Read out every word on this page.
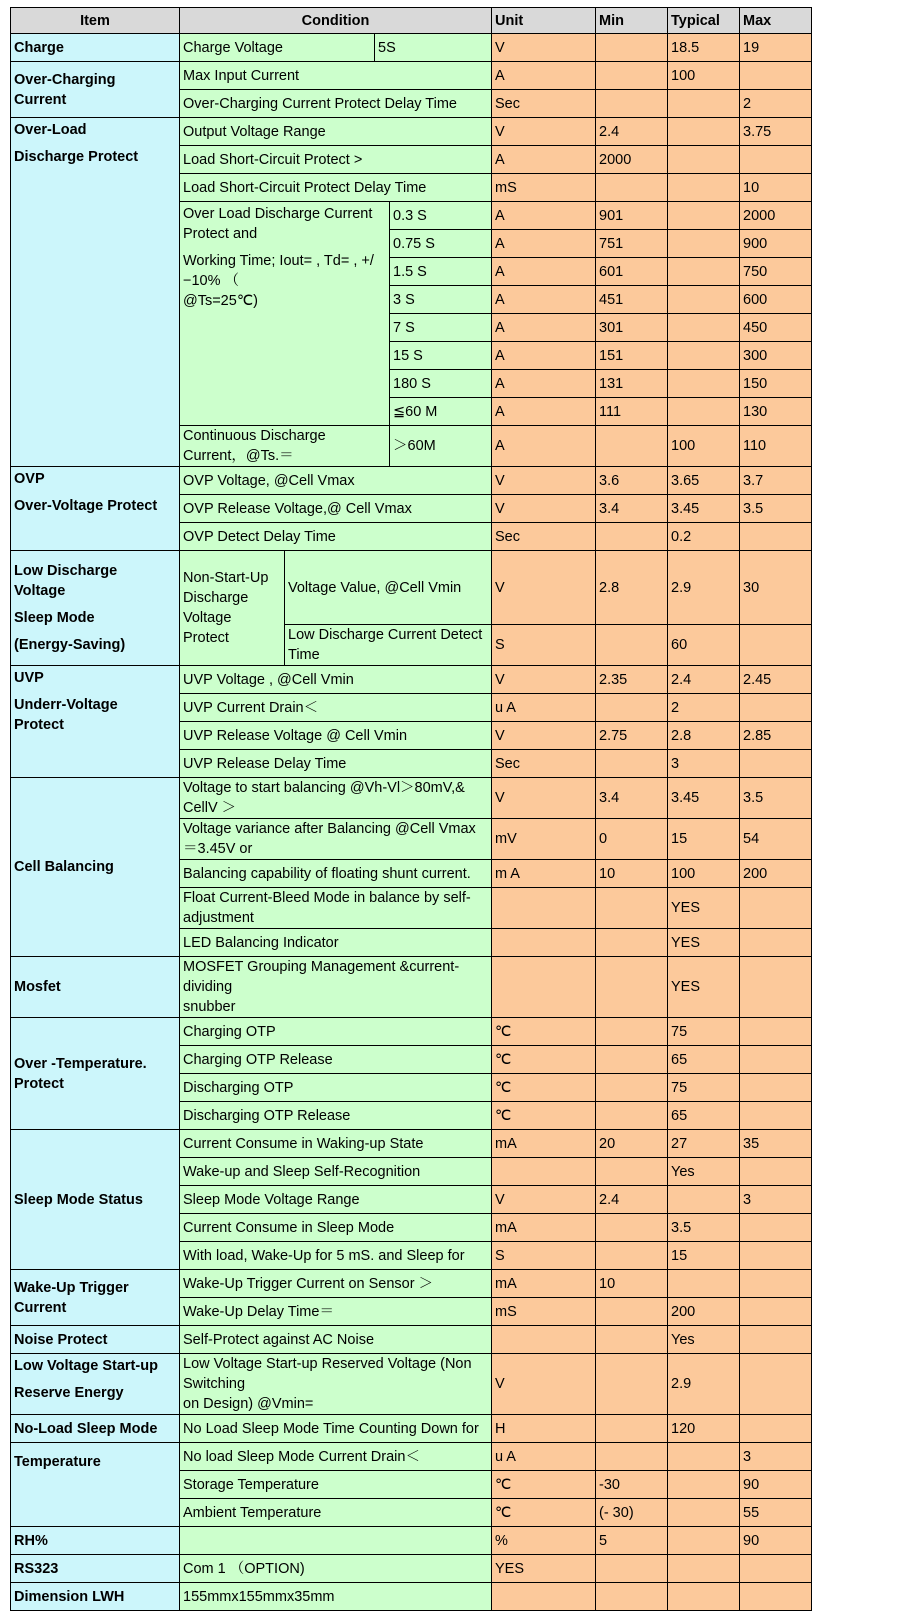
Item	Condition				Unit	Min	Typical	Max
Charge	Charge Voltage		5S		V		18.5	19
Over-Charging
Current	Max Input Current				A		100	
	Over-Charging Current Protect Delay Time				Sec			2
Over-Load
Discharge Protect	Output Voltage Range				V	2.4		3.75
	Load Short-Circuit Protect >				A	2000		
	Load Short-Circuit Protect Delay Time				mS			10
	Over Load Discharge Current Protect and
Working Time; Iout= , Td= , +/−10% （
@Ts=25℃)			0.3 S	A	901		2000
				0.75 S	A	751		900
				1.5 S	A	601		750
				3 S	A	451		600
				7 S	A	301		450
				15 S	A	151		300
				180 S	A	131		150
				≦60 M	A	111		130
	Continuous Discharge Current，@Ts.＝			＞60M	A		100	110
OVP
Over-Voltage Protect	OVP Voltage, @Cell Vmax				V	3.6	3.65	3.7
	OVP Release Voltage,@ Cell Vmax				V	3.4	3.45	3.5
	OVP Detect Delay Time				Sec		0.2	
Low Discharge
Voltage
Sleep Mode
(Energy-Saving)	Non-Start-Up
Discharge
Voltage
Protect	Voltage Value, @Cell Vmin			V	2.8	2.9	30
		Low Discharge Current Detect Time			S		60	
UVP
Underr-Voltage
Protect	UVP Voltage , @Cell Vmin				V	2.35	2.4	2.45
	UVP Current Drain＜				u A		2	
	UVP Release Voltage @ Cell Vmin				V	2.75	2.8	2.85
	UVP Release Delay Time				Sec		3	
Cell Balancing	Voltage to start balancing @Vh-Vl＞80mV,& CellV ＞				V	3.4	3.45	3.5
	Voltage variance after Balancing @Cell Vmax＝3.45V or				mV	0	15	54
	Balancing capability of floating shunt current.				m A	10	100	200
	Float Current-Bleed Mode in balance by self-adjustment						YES	
	LED Balancing Indicator						YES	
Mosfet	MOSFET Grouping Management &current-dividing
snubber						YES	
Over -Temperature.
Protect	Charging OTP				℃		75	
	Charging OTP Release				℃		65	
	Discharging OTP				℃		75	
	Discharging OTP Release				℃		65	
Sleep Mode Status	Current Consume in Waking-up State				mA	20	27	35
	Wake-up and Sleep Self-Recognition						Yes	
	Sleep Mode Voltage Range				V	2.4		3
	Current Consume in Sleep Mode				mA		3.5	
	With load, Wake-Up for 5 mS. and Sleep for				S		15	
Wake-Up Trigger
Current	Wake-Up Trigger Current on Sensor ＞				mA	10		
	Wake-Up Delay Time＝				mS		200	
Noise Protect	Self-Protect against AC Noise						Yes	
Low Voltage Start-up
Reserve Energy	Low Voltage Start-up Reserved Voltage (Non Switching
on Design) @Vmin=				V		2.9	
No-Load Sleep Mode	No Load Sleep Mode Time Counting Down for				H		120	

Temperature	No load Sleep Mode Current Drain＜				u A			3
	Storage Temperature				℃	-30		90
	Ambient Temperature				℃	(- 30)		55
RH%					%	5		90
RS323	Com 1 （OPTION)				YES			
Dimension LWH	155mmx155mmx35mm							
